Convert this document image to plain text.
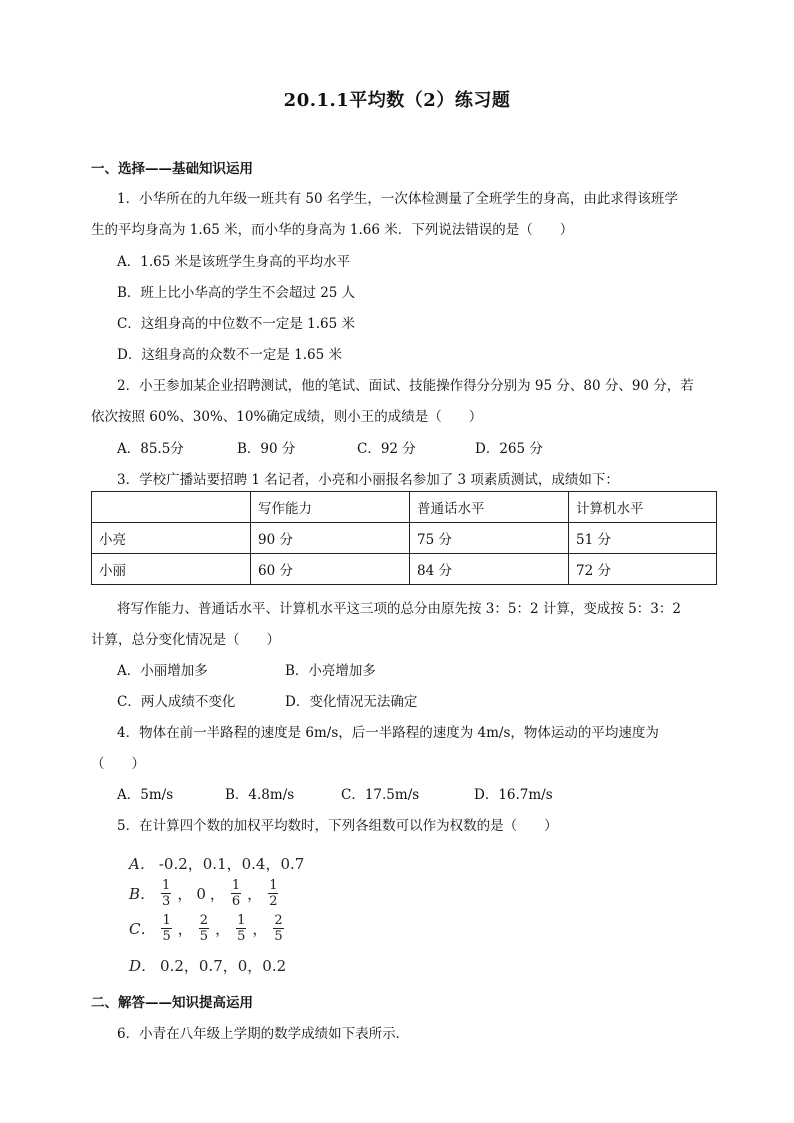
20.1.1平均数（2）练习题
一、选择——基础知识运用
1．小华所在的九年级一班共有 50 名学生，一次体检测量了全班学生的身高，由此求得该班学
生的平均身高为 1.65 米，而小华的身高为 1.66 米．下列说法错误的是（　　）
A．1.65 米是该班学生身高的平均水平
B．班上比小华高的学生不会超过 25 人
C．这组身高的中位数不一定是 1.65 米
D．这组身高的众数不一定是 1.65 米
2．小王参加某企业招聘测试，他的笔试、面试、技能操作得分分别为 95 分、80 分、90 分，若
依次按照 60%、30%、10%确定成绩，则小王的成绩是（　　）
A．85.5分	B．90 分	C．92 分	D．265 分
3．学校广播站要招聘 1 名记者，小亮和小丽报名参加了 3 项素质测试，成绩如下：
	写作能力	普通话水平	计算机水平
小亮	90 分	75 分	51 分
小丽	60 分	84 分	72 分
将写作能力、普通话水平、计算机水平这三项的总分由原先按 3：5：2 计算，变成按 5：3：2
计算，总分变化情况是（　　）
A．小丽增加多	B．小亮增加多
C．两人成绩不变化	D．变化情况无法确定
4．物体在前一半路程的速度是 6m/s，后一半路程的速度为 4m/s，物体运动的平均速度为
（　　）
A．5m/s	B．4.8m/s	C．17.5m/s	D．16.7m/s
5．在计算四个数的加权平均数时，下列各组数可以作为权数的是（　　）
A． -0.2，0.1，0.4，0.7
B． $\frac{1}{3}$ ， 0 ， $\frac{1}{6}$ ， $\frac{1}{2}$
C． $\frac{1}{5}$ ， $\frac{2}{5}$ ， $\frac{1}{5}$ ， $\frac{2}{5}$
D． 0.2，0.7，0，0.2
二、解答——知识提高运用
6．小青在八年级上学期的数学成绩如下表所示．
